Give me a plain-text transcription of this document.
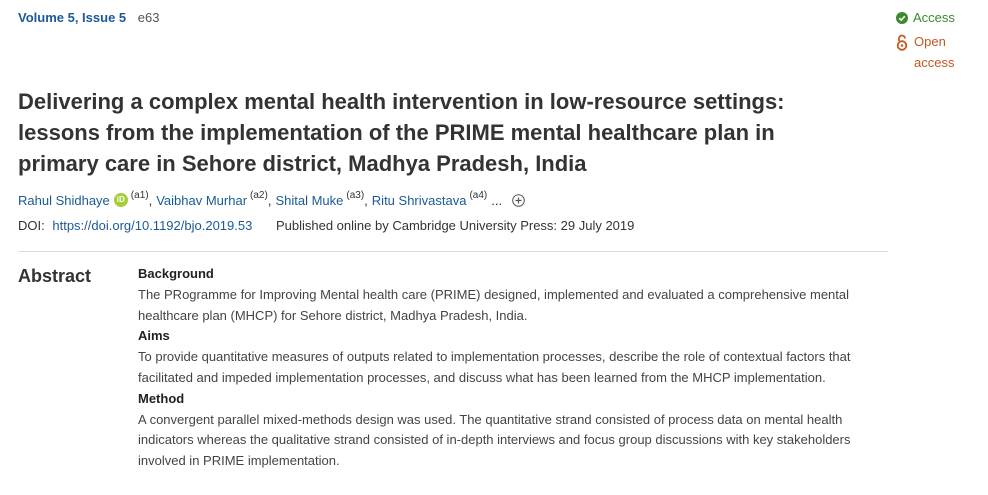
Volume 5, Issue 5 e63	Access
Open access
Delivering a complex mental health intervention in low-resource settings: lessons from the implementation of the PRIME mental healthcare plan in primary care in Sehore district, Madhya Pradesh, India
Rahul Shidhaye iD (a1) , Vaibhav Murhar (a2) , Shital Muke (a3) , Ritu Shrivastava (a4) ...
DOI: https://doi.org/10.1192/bjo.2019.53 Published online by Cambridge University Press: 29 July 2019
Abstract	Background

The PRogramme for Improving Mental health care (PRIME) designed, implemented and evaluated a comprehensive mental healthcare plan (MHCP) for Sehore district, Madhya Pradesh, India.

Aims

To provide quantitative measures of outputs related to implementation processes, describe the role of contextual factors that facilitated and impeded implementation processes, and discuss what has been learned from the MHCP implementation.

Method

A convergent parallel mixed-methods design was used. The quantitative strand consisted of process data on mental health indicators whereas the qualitative strand consisted of in-depth interviews and focus group discussions with key stakeholders involved in PRIME implementation.
